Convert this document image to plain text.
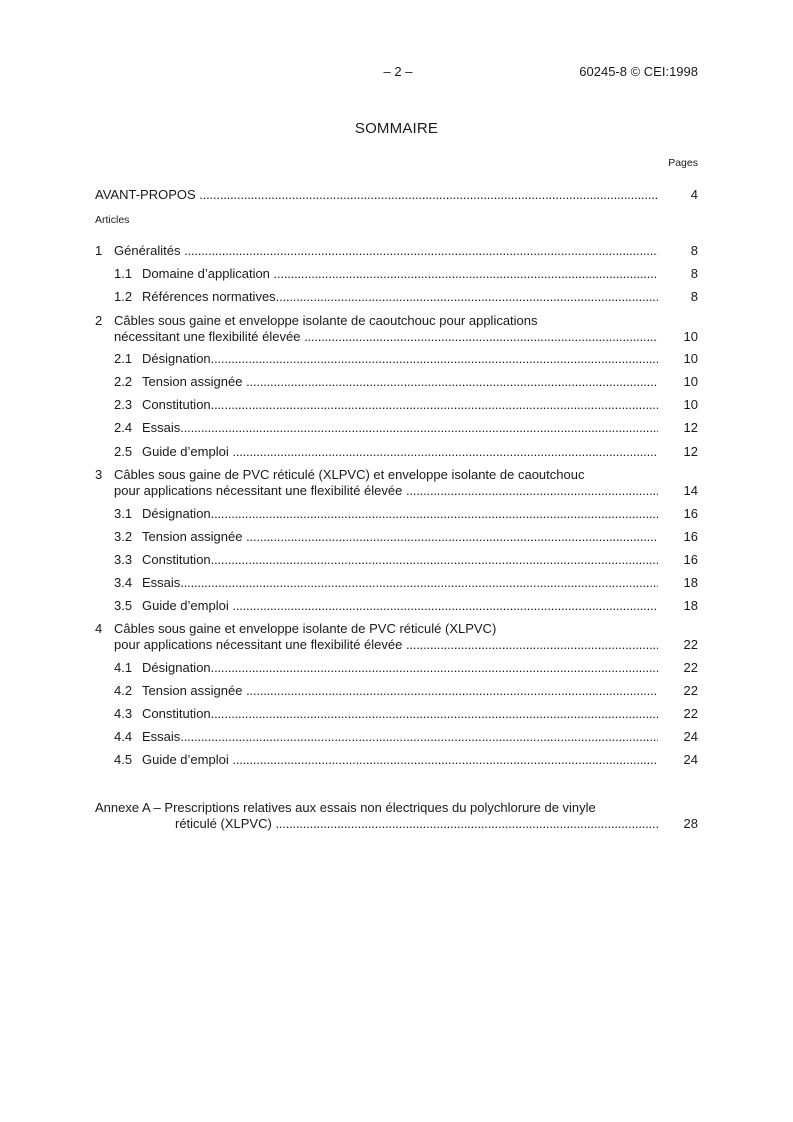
– 2 –	60245-8 © CEI:1998
SOMMAIRE
Pages
AVANT-PROPOS . . .	4
Articles
1 Généralités . . .	8
1.1 Domaine d’application . . .	8
1.2 Références normatives . . .	8
2 Câbles sous gaine et enveloppe isolante de caoutchouc pour applications
nécessitant une flexibilité élevée . . .	10
2.1 Désignation . . .	10
2.2 Tension assignée . . .	10
2.3 Constitution . . .	10
2.4 Essais . . .	12
2.5 Guide d’emploi . . .	12
3 Câbles sous gaine de PVC réticulé (XLPVC) et enveloppe isolante de caoutchouc
pour applications nécessitant une flexibilité élevée . . .	14
3.1 Désignation . . .	16
3.2 Tension assignée . . .	16
3.3 Constitution . . .	16
3.4 Essais . . .	18
3.5 Guide d’emploi . . .	18
4 Câbles sous gaine et enveloppe isolante de PVC réticulé (XLPVC)
pour applications nécessitant une flexibilité élevée . . .	22
4.1 Désignation . . .	22
4.2 Tension assignée . . .	22
4.3 Constitution . . .	22
4.4 Essais . . .	24
4.5 Guide d’emploi . . .	24
Annexe A – Prescriptions relatives aux essais non électriques du polychlorure de vinyle
réticulé (XLPVC) . . .	28
